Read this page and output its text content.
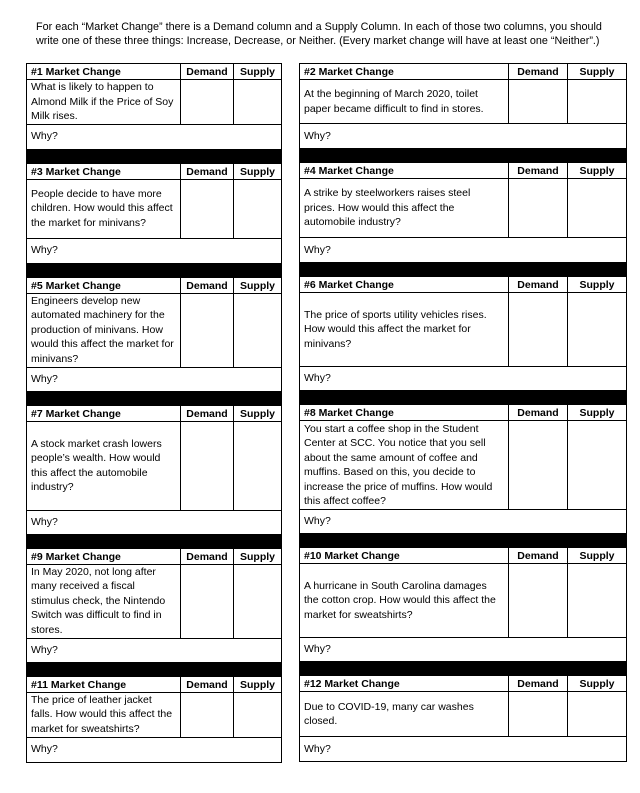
For each “Market Change” there is a Demand column and a Supply Column. In each of those two columns, you should write one of these three things: Increase, Decrease, or Neither. (Every market change will have at least one “Neither”.)
#1 Market Change	Demand	Supply
What is likely to happen to Almond Milk if the Price of Soy Milk rises.		
Why?		

#3 Market Change	Demand	Supply
People decide to have more children. How would this affect the market for minivans?		
Why?		

#5 Market Change	Demand	Supply
Engineers develop new automated machinery for the production of minivans. How would this affect the market for minivans?		
Why?		

#7 Market Change	Demand	Supply
A stock market crash lowers people’s wealth. How would this affect the automobile industry?		
Why?		

#9 Market Change	Demand	Supply
In May 2020, not long after many received a fiscal stimulus check, the Nintendo Switch was difficult to find in stores.		
Why?		

#11 Market Change	Demand	Supply
The price of leather jacket falls. How would this affect the market for sweatshirts?		
Why?		
#2 Market Change	Demand	Supply
At the beginning of March 2020, toilet paper became difficult to find in stores.		
Why?		

#4 Market Change	Demand	Supply
A strike by steelworkers raises steel prices. How would this affect the automobile industry?		
Why?		

#6 Market Change	Demand	Supply
The price of sports utility vehicles rises. How would this affect the market for minivans?		
Why?		

#8 Market Change	Demand	Supply
You start a coffee shop in the Student Center at SCC. You notice that you sell about the same amount of coffee and muffins. Based on this, you decide to increase the price of muffins. How would this affect coffee?		
Why?		

#10 Market Change	Demand	Supply
A hurricane in South Carolina damages the cotton crop. How would this affect the market for sweatshirts?		
Why?		

#12 Market Change	Demand	Supply
Due to COVID-19, many car washes closed.		
Why?		
